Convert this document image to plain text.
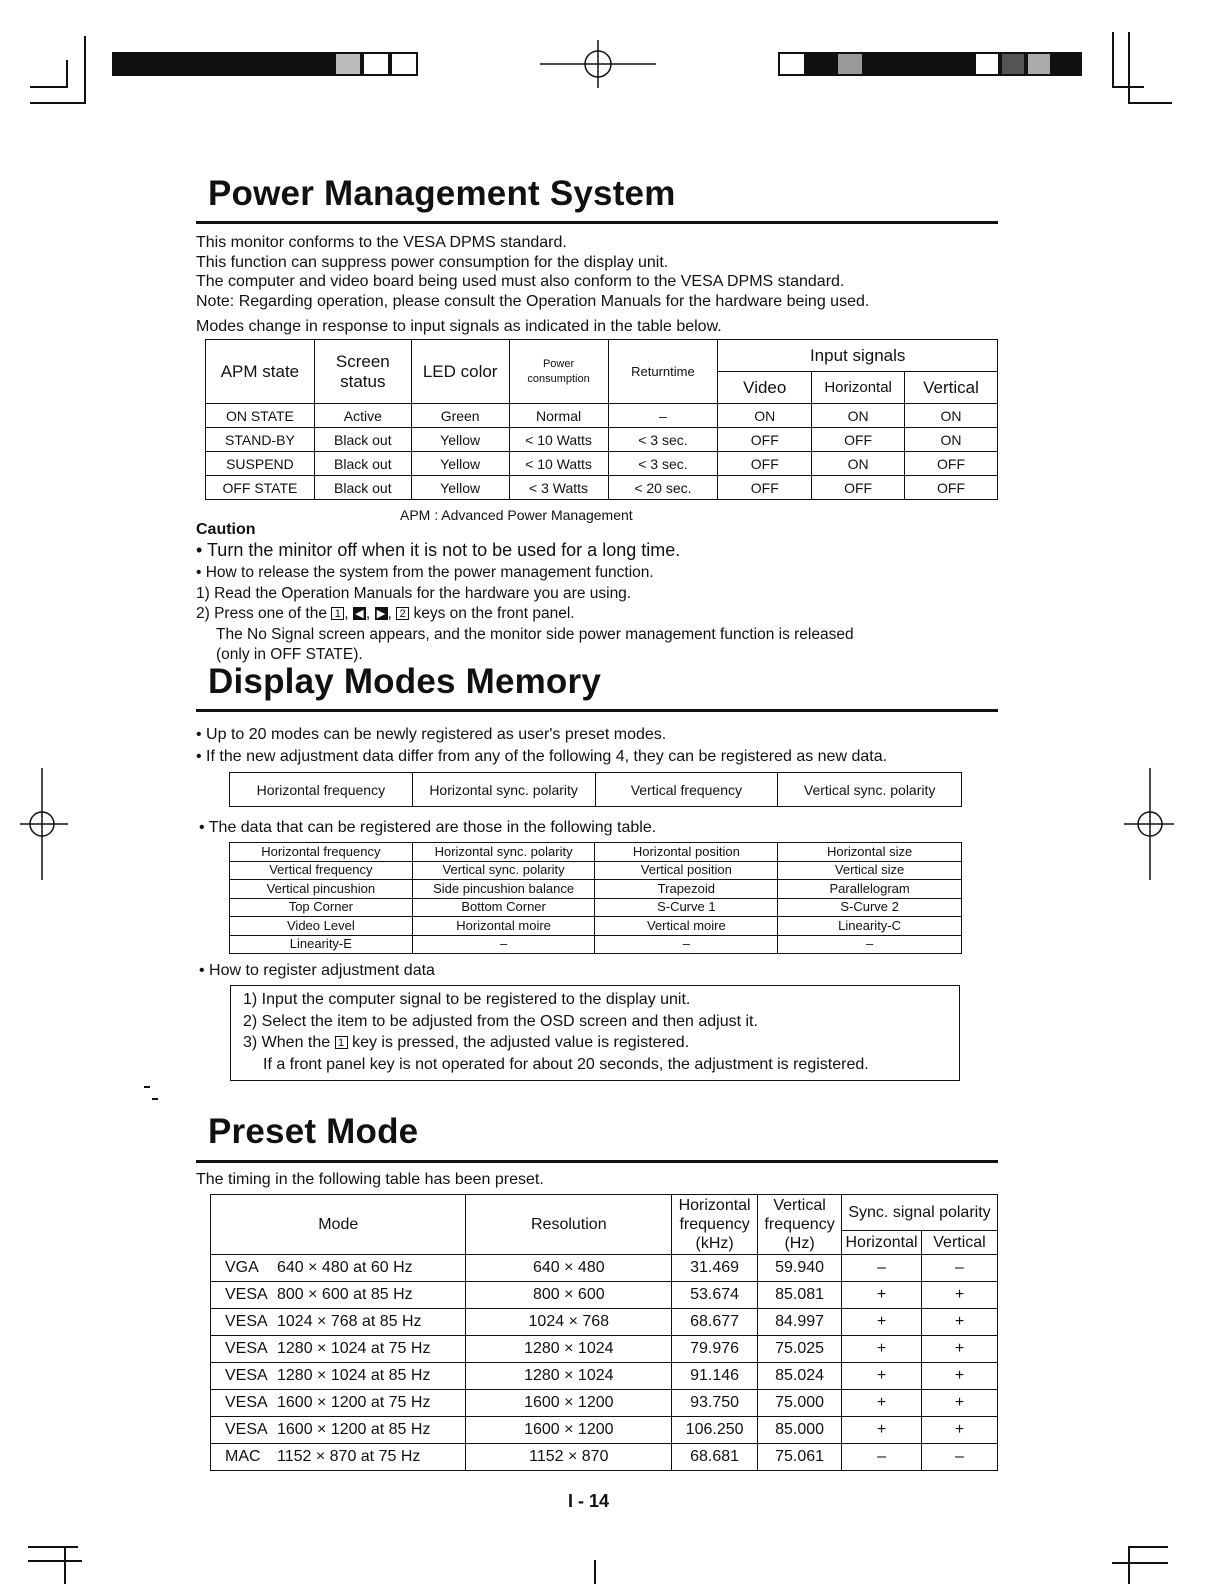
Power Management System

This monitor conforms to the VESA DPMS standard.

This function can suppress power consumption for the display unit.

The computer and video board being used must also conform to the VESA DPMS standard.

Note: Regarding operation, please consult the Operation Manuals for the hardware being used.

Modes change in response to input signals as indicated in the table below.

APM state	Screen status	LED color	Power consumption	Returntime	Input signals		
					Video	Horizontal	Vertical
ON STATE	Active	Green	Normal	–	ON	ON	ON
STAND-BY	Black out	Yellow	< 10 Watts	< 3 sec.	OFF	OFF	ON
SUSPEND	Black out	Yellow	< 10 Watts	< 3 sec.	OFF	ON	OFF
OFF STATE	Black out	Yellow	< 3 Watts	< 20 sec.	OFF	OFF	OFF
APM : Advanced Power Management
Caution
• Turn the minitor off when it is not to be used for a long time.

• How to release the system from the power management function.

1) Read the Operation Manuals for the hardware you are using.

2) Press one of the 1 , ◀ , ▶ , 2 keys on the front panel.

The No Signal screen appears, and the monitor side power management function is released

(only in OFF STATE).

Display Modes Memory

• Up to 20 modes can be newly registered as user's preset modes.

• If the new adjustment data differ from any of the following 4, they can be registered as new data.

Horizontal frequency	Horizontal sync. polarity	Vertical frequency	Vertical sync. polarity
• The data that can be registered are those in the following table.
Horizontal frequency	Horizontal sync. polarity	Horizontal position	Horizontal size
Vertical frequency	Vertical sync. polarity	Vertical position	Vertical size
Vertical pincushion	Side pincushion balance	Trapezoid	Parallelogram
Top Corner	Bottom Corner	S-Curve 1	S-Curve 2
Video Level	Horizontal moire	Vertical moire	Linearity-C
Linearity-E	–	–	–
• How to register adjustment data

1) Input the computer signal to be registered to the display unit.

2) Select the item to be adjusted from the OSD screen and then adjust it.

3) When the 1 key is pressed, the adjusted value is registered.

If a front panel key is not operated for about 20 seconds, the adjustment is registered.

Preset Mode
The timing in the following table has been preset.
Mode	Resolution	Horizontal
frequency
(kHz)	Vertical
frequency
(Hz)	Sync. signal polarity	
				Horizontal	Vertical
VGA 640 × 480 at 60 Hz	640 × 480	31.469	59.940	–	–
VESA 800 × 600 at 85 Hz	800 × 600	53.674	85.081	+	+
VESA 1024 × 768 at 85 Hz	1024 × 768	68.677	84.997	+	+
VESA 1280 × 1024 at 75 Hz	1280 × 1024	79.976	75.025	+	+
VESA 1280 × 1024 at 85 Hz	1280 × 1024	91.146	85.024	+	+
VESA 1600 × 1200 at 75 Hz	1600 × 1200	93.750	75.000	+	+
VESA 1600 × 1200 at 85 Hz	1600 × 1200	106.250	85.000	+	+
MAC 1152 × 870 at 75 Hz	1152 × 870	68.681	75.061	–	–
I - 14
